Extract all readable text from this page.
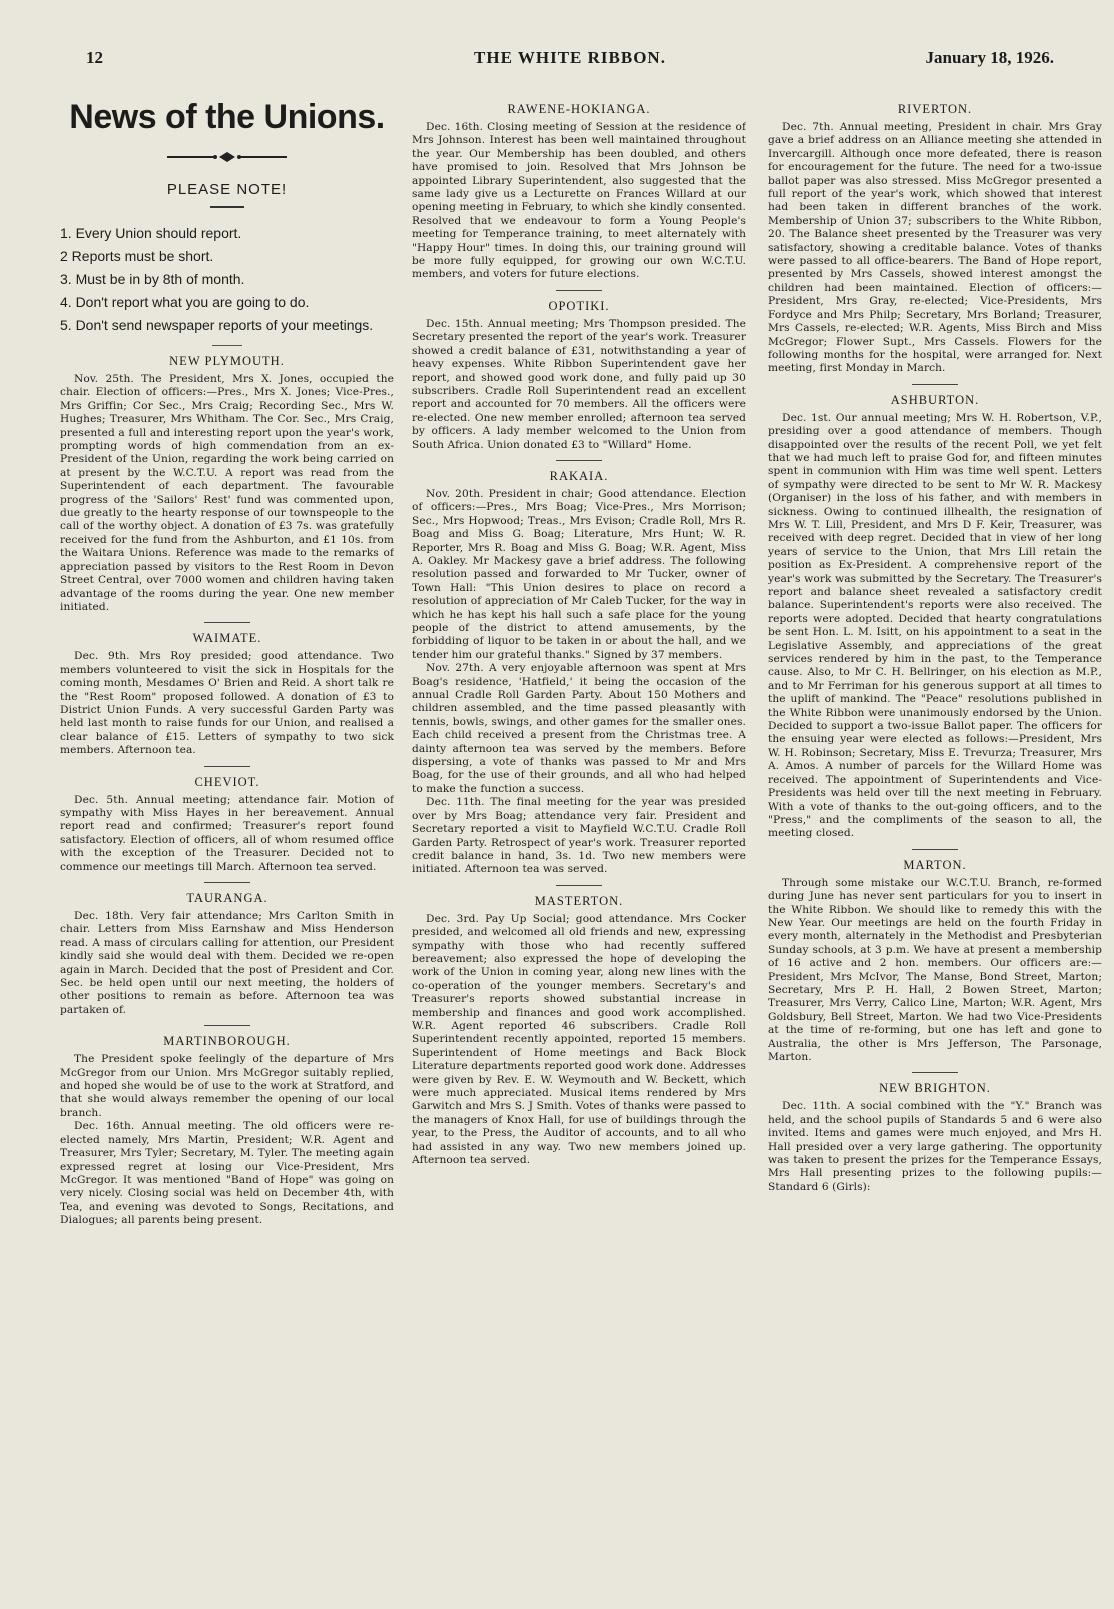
12	THE WHITE RIBBON.	January 18, 1926.
News of the Unions.
PLEASE NOTE!
1. Every Union should report.
2 Reports must be short.
3. Must be in by 8th of month.
4. Don't report what you are going to do.
5. Don't send newspaper reports of your meetings.
NEW PLYMOUTH.

Nov. 25th. The President, Mrs X. Jones, occupied the chair. Election of officers:—Pres., Mrs X. Jones; Vice-Pres., Mrs Griffin; Cor Sec., Mrs Craig; Recording Sec., Mrs W. Hughes; Treasurer, Mrs Whitham. The Cor. Sec., Mrs Craig, presented a full and interesting report upon the year's work, prompting words of high commendation from an ex-President of the Union, regarding the work being carried on at present by the W.C.T.U. A report was read from the Superintendent of each department. The favourable progress of the 'Sailors' Rest' fund was commented upon, due greatly to the hearty response of our townspeople to the call of the worthy object. A donation of £3 7s. was gratefully received for the fund from the Ashburton, and £1 10s. from the Waitara Unions. Reference was made to the remarks of appreciation passed by visitors to the Rest Room in Devon Street Central, over 7000 women and children having taken advantage of the rooms during the year. One new member initiated.

WAIMATE.

Dec. 9th. Mrs Roy presided; good attendance. Two members volunteered to visit the sick in Hospitals for the coming month, Mesdames O' Brien and Reid. A short talk re the "Rest Room" proposed followed. A donation of £3 to District Union Funds. A very successful Garden Party was held last month to raise funds for our Union, and realised a clear balance of £15. Letters of sympathy to two sick members. Afternoon tea.

CHEVIOT.

Dec. 5th. Annual meeting; attendance fair. Motion of sympathy with Miss Hayes in her bereavement. Annual report read and confirmed; Treasurer's report found satisfactory. Election of officers, all of whom resumed office with the exception of the Treasurer. Decided not to commence our meetings till March. Afternoon tea served.

TAURANGA.

Dec. 18th. Very fair attendance; Mrs Carlton Smith in chair. Letters from Miss Earnshaw and Miss Henderson read. A mass of circulars calling for attention, our President kindly said she would deal with them. Decided we re-open again in March. Decided that the post of President and Cor. Sec. be held open until our next meeting, the holders of other positions to remain as before. Afternoon tea was partaken of.

MARTINBOROUGH.

The President spoke feelingly of the departure of Mrs McGregor from our Union. Mrs McGregor suitably replied, and hoped she would be of use to the work at Stratford, and that she would always remember the opening of our local branch.

Dec. 16th. Annual meeting. The old officers were re-elected namely, Mrs Martin, President; W.R. Agent and Treasurer, Mrs Tyler; Secretary, M. Tyler. The meeting again expressed regret at losing our Vice-President, Mrs McGregor. It was mentioned "Band of Hope" was going on very nicely. Closing social was held on December 4th, with Tea, and evening was devoted to Songs, Recitations, and Dialogues; all parents being present.

RAWENE-HOKIANGA.

Dec. 16th. Closing meeting of Session at the residence of Mrs Johnson. Interest has been well maintained throughout the year. Our Membership has been doubled, and others have promised to join. Resolved that Mrs Johnson be appointed Library Superintendent, also suggested that the same lady give us a Lecturette on Frances Willard at our opening meeting in February, to which she kindly consented. Resolved that we endeavour to form a Young People's meeting for Temperance training, to meet alternately with "Happy Hour" times. In doing this, our training ground will be more fully equipped, for growing our own W.C.T.U. members, and voters for future elections.

OPOTIKI.

Dec. 15th. Annual meeting; Mrs Thompson presided. The Secretary presented the report of the year's work. Treasurer showed a credit balance of £31, notwithstanding a year of heavy expenses. White Ribbon Superintendent gave her report, and showed good work done, and fully paid up 30 subscribers. Cradle Roll Superintendent read an excellent report and accounted for 70 members. All the officers were re-elected. One new member enrolled; afternoon tea served by officers. A lady member welcomed to the Union from South Africa. Union donated £3 to "Willard" Home.

RAKAIA.

Nov. 20th. President in chair; Good attendance. Election of officers:—Pres., Mrs Boag; Vice-Pres., Mrs Morrison; Sec., Mrs Hopwood; Treas., Mrs Evison; Cradle Roll, Mrs R. Boag and Miss G. Boag; Literature, Mrs Hunt; W. R. Reporter, Mrs R. Boag and Miss G. Boag; W.R. Agent, Miss A. Oakley. Mr Mackesy gave a brief address. The following resolution passed and forwarded to Mr Tucker, owner of Town Hall: "This Union desires to place on record a resolution of appreciation of Mr Caleb Tucker, for the way in which he has kept his hall such a safe place for the young people of the district to attend amusements, by the forbidding of liquor to be taken in or about the hall, and we tender him our grateful thanks." Signed by 37 members.

Nov. 27th. A very enjoyable afternoon was spent at Mrs Boag's residence, 'Hatfield,' it being the occasion of the annual Cradle Roll Garden Party. About 150 Mothers and children assembled, and the time passed pleasantly with tennis, bowls, swings, and other games for the smaller ones. Each child received a present from the Christmas tree. A dainty afternoon tea was served by the members. Before dispersing, a vote of thanks was passed to Mr and Mrs Boag, for the use of their grounds, and all who had helped to make the function a success.

Dec. 11th. The final meeting for the year was presided over by Mrs Boag; attendance very fair. President and Secretary reported a visit to Mayfield W.C.T.U. Cradle Roll Garden Party. Retrospect of year's work. Treasurer reported credit balance in hand, 3s. 1d. Two new members were initiated. Afternoon tea was served.

MASTERTON.

Dec. 3rd. Pay Up Social; good attendance. Mrs Cocker presided, and welcomed all old friends and new, expressing sympathy with those who had recently suffered bereavement; also expressed the hope of developing the work of the Union in coming year, along new lines with the co-operation of the younger members. Secretary's and Treasurer's reports showed substantial increase in membership and finances and good work accomplished. W.R. Agent reported 46 subscribers. Cradle Roll Superintendent recently appointed, reported 15 members. Superintendent of Home meetings and Back Block Literature departments reported good work done. Addresses were given by Rev. E. W. Weymouth and W. Beckett, which were much appreciated. Musical items rendered by Mrs Garwitch and Mrs S. J Smith. Votes of thanks were passed to the managers of Knox Hall, for use of buildings through the year, to the Press, the Auditor of accounts, and to all who had assisted in any way. Two new members joined up. Afternoon tea served.

RIVERTON.

Dec. 7th. Annual meeting, President in chair. Mrs Gray gave a brief address on an Alliance meeting she attended in Invercargill. Although once more defeated, there is reason for encouragement for the future. The need for a two-issue ballot paper was also stressed. Miss McGregor presented a full report of the year's work, which showed that interest had been taken in different branches of the work. Membership of Union 37; subscribers to the White Ribbon, 20. The Balance sheet presented by the Treasurer was very satisfactory, showing a creditable balance. Votes of thanks were passed to all office-bearers. The Band of Hope report, presented by Mrs Cassels, showed interest amongst the children had been maintained. Election of officers:—President, Mrs Gray, re-elected; Vice-Presidents, Mrs Fordyce and Mrs Philp; Secretary, Mrs Borland; Treasurer, Mrs Cassels, re-elected; W.R. Agents, Miss Birch and Miss McGregor; Flower Supt., Mrs Cassels. Flowers for the following months for the hospital, were arranged for. Next meeting, first Monday in March.

ASHBURTON.

Dec. 1st. Our annual meeting; Mrs W. H. Robertson, V.P., presiding over a good attendance of members. Though disappointed over the results of the recent Poll, we yet felt that we had much left to praise God for, and fifteen minutes spent in communion with Him was time well spent. Letters of sympathy were directed to be sent to Mr W. R. Mackesy (Organiser) in the loss of his father, and with members in sickness. Owing to continued illhealth, the resignation of Mrs W. T. Lill, President, and Mrs D F. Keir, Treasurer, was received with deep regret. Decided that in view of her long years of service to the Union, that Mrs Lill retain the position as Ex-President. A comprehensive report of the year's work was submitted by the Secretary. The Treasurer's report and balance sheet revealed a satisfactory credit balance. Superintendent's reports were also received. The reports were adopted. Decided that hearty congratulations be sent Hon. L. M. Isitt, on his appointment to a seat in the Legislative Assembly, and appreciations of the great services rendered by him in the past, to the Temperance cause. Also, to Mr C. H. Bellringer, on his election as M.P., and to Mr Ferriman for his generous support at all times to the uplift of mankind. The "Peace" resolutions published in the White Ribbon were unanimously endorsed by the Union. Decided to support a two-issue Ballot paper. The officers for the ensuing year were elected as follows:—President, Mrs W. H. Robinson; Secretary, Miss E. Trevurza; Treasurer, Mrs A. Amos. A number of parcels for the Willard Home was received. The appointment of Superintendents and Vice-Presidents was held over till the next meeting in February. With a vote of thanks to the out-going officers, and to the "Press," and the compliments of the season to all, the meeting closed.

MARTON.

Through some mistake our W.C.T.U. Branch, re-formed during June has never sent particulars for you to insert in the White Ribbon. We should like to remedy this with the New Year. Our meetings are held on the fourth Friday in every month, alternately in the Methodist and Presbyterian Sunday schools, at 3 p.m. We have at present a membership of 16 active and 2 hon. members. Our officers are:—President, Mrs McIvor, The Manse, Bond Street, Marton; Secretary, Mrs P. H. Hall, 2 Bowen Street, Marton; Treasurer, Mrs Verry, Calico Line, Marton; W.R. Agent, Mrs Goldsbury, Bell Street, Marton. We had two Vice-Presidents at the time of re-forming, but one has left and gone to Australia, the other is Mrs Jefferson, The Parsonage, Marton.

NEW BRIGHTON.

Dec. 11th. A social combined with the "Y." Branch was held, and the school pupils of Standards 5 and 6 were also invited. Items and games were much enjoyed, and Mrs H. Hall presided over a very large gathering. The opportunity was taken to present the prizes for the Temperance Essays, Mrs Hall presenting prizes to the following pupils:—Standard 6 (Girls):
